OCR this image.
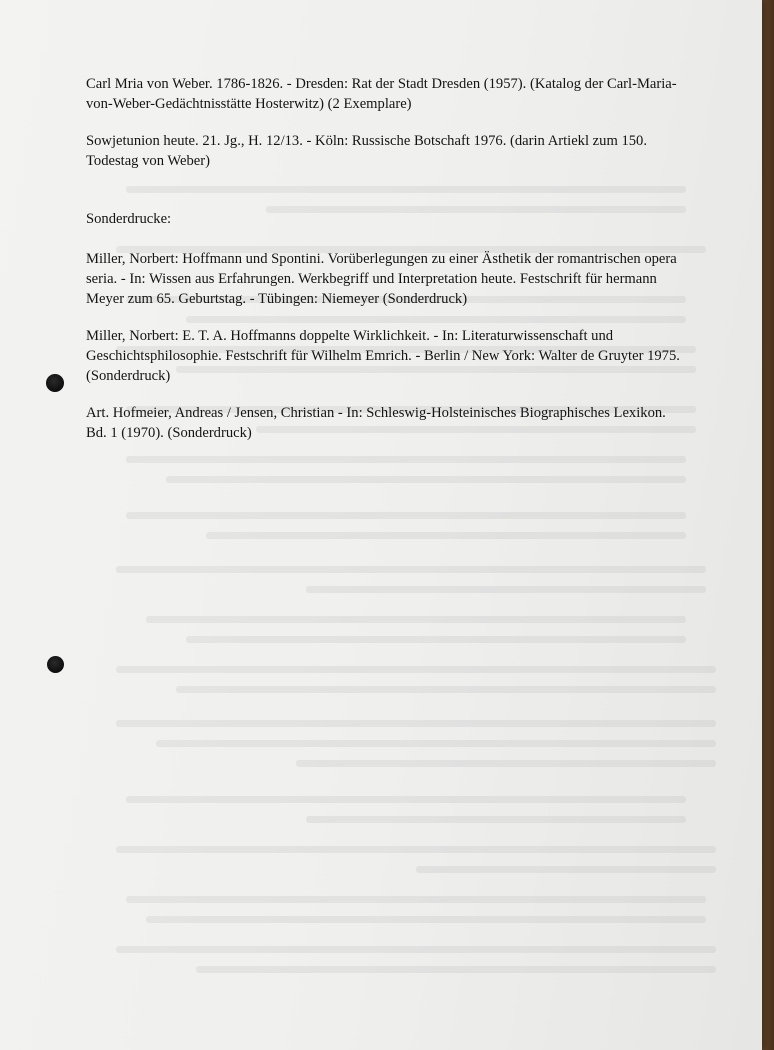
Carl Mria von Weber. 1786-1826. - Dresden: Rat der Stadt Dresden (1957). (Katalog der Carl-Maria-von-Weber-Gedächtnisstätte Hosterwitz) (2 Exemplare)

Sowjetunion heute. 21. Jg., H. 12/13. - Köln: Russische Botschaft 1976. (darin Artiekl zum 150. Todestag von Weber)

Sonderdrucke:

Miller, Norbert: Hoffmann und Spontini. Vorüberlegungen zu einer Ästhetik der romantrischen opera seria. - In: Wissen aus Erfahrungen. Werkbegriff und Interpretation heute. Festschrift für hermann Meyer zum 65. Geburtstag. - Tübingen: Niemeyer (Sonderdruck)

Miller, Norbert: E. T. A. Hoffmanns doppelte Wirklichkeit. - In: Literaturwissenschaft und Geschichtsphilosophie. Festschrift für Wilhelm Emrich. - Berlin / New York: Walter de Gruyter 1975. (Sonderdruck)

Art. Hofmeier, Andreas / Jensen, Christian - In: Schleswig-Holsteinisches Biographisches Lexikon. Bd. 1 (1970). (Sonderdruck)
